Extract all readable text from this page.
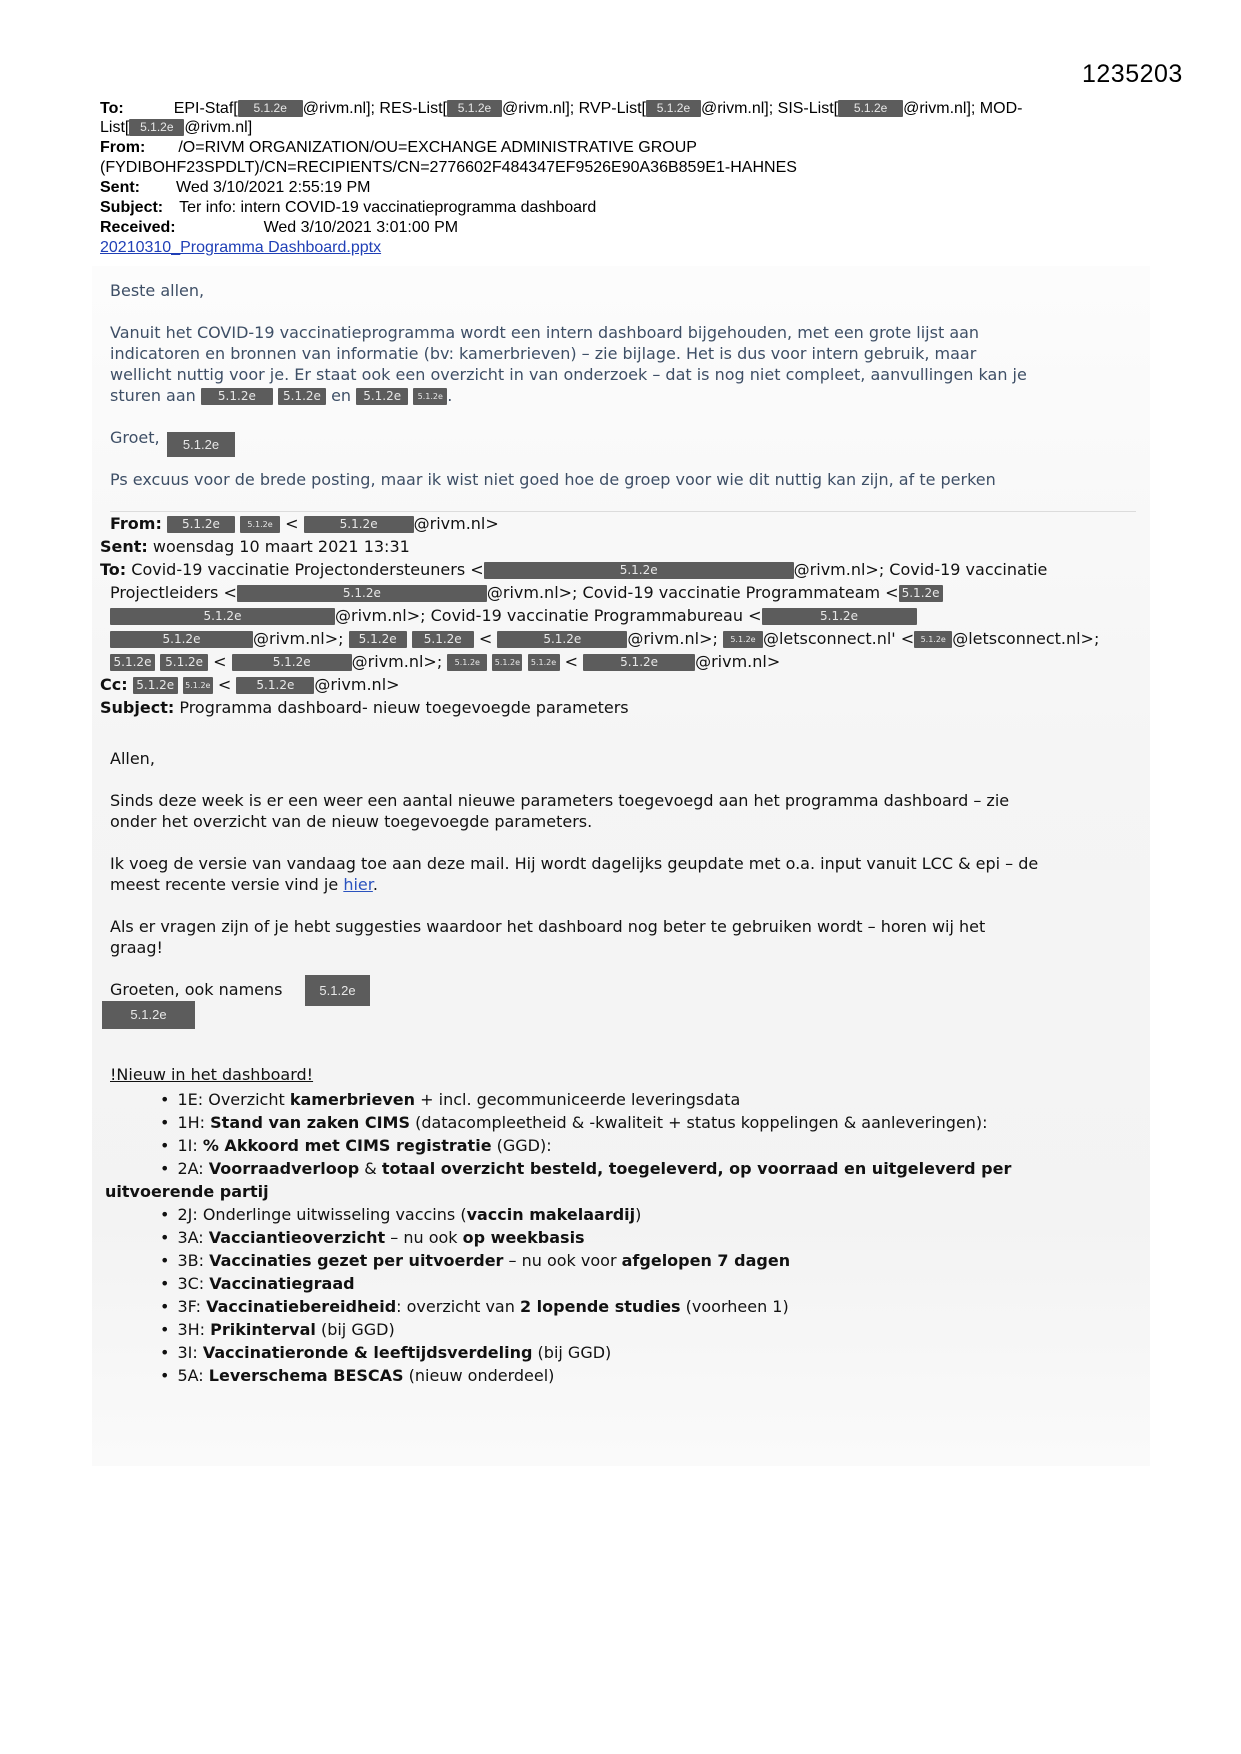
1235203
To:	EPI-Staf[ 5.1.2e @rivm.nl]; RES-List[ 5.1.2e @rivm.nl]; RVP-List[ 5.1.2e @rivm.nl]; SIS-List[ 5.1.2e @rivm.nl]; MOD-
List[ 5.1.2e @rivm.nl]
From: /O=RIVM ORGANIZATION/OU=EXCHANGE ADMINISTRATIVE GROUP
(FYDIBOHF23SPDLT)/CN=RECIPIENTS/CN=2776602F484347EF9526E90A36B859E1-HAHNES
Sent: Wed 3/10/2021 2:55:19 PM
Subject: Ter info: intern COVID-19 vaccinatieprogramma dashboard
Received:	Wed 3/10/2021 3:01:00 PM
20210310_Programma Dashboard.pptx
Beste allen,
Vanuit het COVID-19 vaccinatieprogramma wordt een intern dashboard bijgehouden, met een grote lijst aan
indicatoren en bronnen van informatie (bv: kamerbrieven) – zie bijlage. Het is dus voor intern gebruik, maar
wellicht nuttig voor je. Er staat ook een overzicht in van onderzoek – dat is nog niet compleet, aanvullingen kan je
sturen aan 5.1.2e 5.1.2e en 5.1.2e 5.1.2e .
Groet,	5.1.2e
Ps excuus voor de brede posting, maar ik wist niet goed hoe de groep voor wie dit nuttig kan zijn, af te perken
From: 5.1.2e	5.1.2e <	5.1.2e @rivm.nl>
Sent: woensdag 10 maart 2021 13:31
To: Covid-19 vaccinatie Projectondersteuners <	5.1.2e	@rivm.nl>; Covid-19 vaccinatie
Projectleiders <	5.1.2e	@rivm.nl>; Covid-19 vaccinatie Programmateam < 5.1.2e
5.1.2e	@rivm.nl>; Covid-19 vaccinatie Programmabureau <	5.1.2e
5.1.2e	@rivm.nl>; 5.1.2e 5.1.2e <	5.1.2e	@rivm.nl>; 5.1.2e @letsconnect.nl' < 5.1.2e @letsconnect.nl>;
5.1.2e 5.1.2e <	5.1.2e	@rivm.nl>; 5.1.2e 5.1.2e 5.1.2e <	5.1.2e @rivm.nl>
Cc: 5.1.2e 5.1.2e < 5.1.2e @rivm.nl>
Subject: Programma dashboard- nieuw toegevoegde parameters
Allen,
Sinds deze week is er een weer een aantal nieuwe parameters toegevoegd aan het programma dashboard – zie
onder het overzicht van de nieuw toegevoegde parameters.
Ik voeg de versie van vandaag toe aan deze mail. Hij wordt dagelijks geupdate met o.a. input vanuit LCC & epi – de
meest recente versie vind je hier.
Als er vragen zijn of je hebt suggesties waardoor het dashboard nog beter te gebruiken wordt – horen wij het
graag!
Groeten, ook namens	5.1.2e
5.1.2e
!Nieuw in het dashboard!
• 1E: Overzicht kamerbrieven + incl. gecommuniceerde leveringsdata
• 1H: Stand van zaken CIMS (datacompleetheid & -kwaliteit + status koppelingen & aanleveringen):
• 1I: % Akkoord met CIMS registratie (GGD):
• 2A: Voorraadverloop & totaal overzicht besteld, toegeleverd, op voorraad en uitgeleverd per
uitvoerende partij
• 2J: Onderlinge uitwisseling vaccins (vaccin makelaardij)
• 3A: Vacciantieoverzicht – nu ook op weekbasis
• 3B: Vaccinaties gezet per uitvoerder – nu ook voor afgelopen 7 dagen
• 3C: Vaccinatiegraad
• 3F: Vaccinatiebereidheid: overzicht van 2 lopende studies (voorheen 1)
• 3H: Prikinterval (bij GGD)
• 3I: Vaccinatieronde & leeftijdsverdeling (bij GGD)
• 5A: Leverschema BESCAS (nieuw onderdeel)
